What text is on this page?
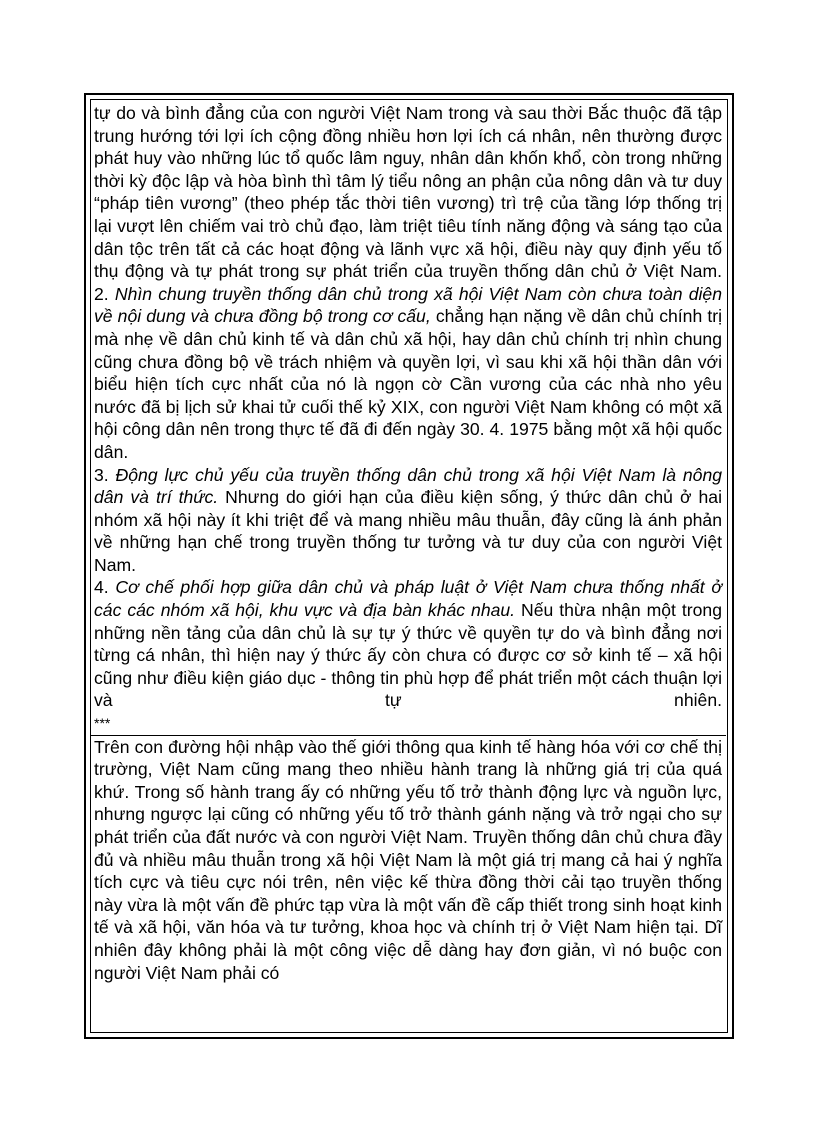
tự do và bình đẳng của con người Việt Nam trong và sau thời Bắc thuộc đã tập trung hướng tới lợi ích cộng đồng nhiều hơn lợi ích cá nhân, nên thường được phát huy vào những lúc tổ quốc lâm nguy, nhân dân khốn khổ, còn trong những thời kỳ độc lập và hòa bình thì tâm lý tiểu nông an phận của nông dân và tư duy “pháp tiên vương” (theo phép tắc thời tiên vương) trì trệ của tầng lớp thống trị lại vượt lên chiếm vai trò chủ đạo, làm triệt tiêu tính năng động và sáng tạo của dân tộc trên tất cả các hoạt động và lãnh vực xã hội, điều này quy định yếu tố thụ động và tự phát trong sự phát triển của truyền thống dân chủ ở Việt Nam.

2. Nhìn chung truyền thống dân chủ trong xã hội Việt Nam còn chưa toàn diện về nội dung và chưa đồng bộ trong cơ cấu, chẳng hạn nặng về dân chủ chính trị mà nhẹ về dân chủ kinh tế và dân chủ xã hội, hay dân chủ chính trị nhìn chung cũng chưa đồng bộ về trách nhiệm và quyền lợi, vì sau khi xã hội thần dân với biểu hiện tích cực nhất của nó là ngọn cờ Cần vương của các nhà nho yêu nước đã bị lịch sử khai tử cuối thế kỷ XIX, con người Việt Nam không có một xã hội công dân nên trong thực tế đã đi đến ngày 30. 4. 1975 bằng một xã hội quốc dân.

3. Động lực chủ yếu của truyền thống dân chủ trong xã hội Việt Nam là nông dân và trí thức. Nhưng do giới hạn của điều kiện sống, ý thức dân chủ ở hai nhóm xã hội này ít khi triệt để và mang nhiều mâu thuẫn, đây cũng là ánh phản về những hạn chế trong truyền thống tư tưởng và tư duy của con người Việt Nam.

4. Cơ chế phối hợp giữa dân chủ và pháp luật ở Việt Nam chưa thống nhất ở các các nhóm xã hội, khu vực và địa bàn khác nhau. Nếu thừa nhận một trong những nền tảng của dân chủ là sự tự ý thức về quyền tự do và bình đẳng nơi từng cá nhân, thì hiện nay ý thức ấy còn chưa có được cơ sở kinh tế – xã hội cũng như điều kiện giáo dục - thông tin phù hợp để phát triển một cách thuận lợi và tự nhiên.

***

Trên con đường hội nhập vào thế giới thông qua kinh tế hàng hóa với cơ chế thị trường, Việt Nam cũng mang theo nhiều hành trang là những giá trị của quá khứ. Trong số hành trang ấy có những yếu tố trở thành động lực và nguồn lực, nhưng ngược lại cũng có những yếu tố trở thành gánh nặng và trở ngại cho sự phát triển của đất nước và con người Việt Nam. Truyền thống dân chủ chưa đầy đủ và nhiều mâu thuẫn trong xã hội Việt Nam là một giá trị mang cả hai ý nghĩa tích cực và tiêu cực nói trên, nên việc kế thừa đồng thời cải tạo truyền thống này vừa là một vấn đề phức tạp vừa là một vấn đề cấp thiết trong sinh hoạt kinh tế và xã hội, văn hóa và tư tưởng, khoa học và chính trị ở Việt Nam hiện tại. Dĩ nhiên đây không phải là một công việc dễ dàng hay đơn giản, vì nó buộc con người Việt Nam phải có
